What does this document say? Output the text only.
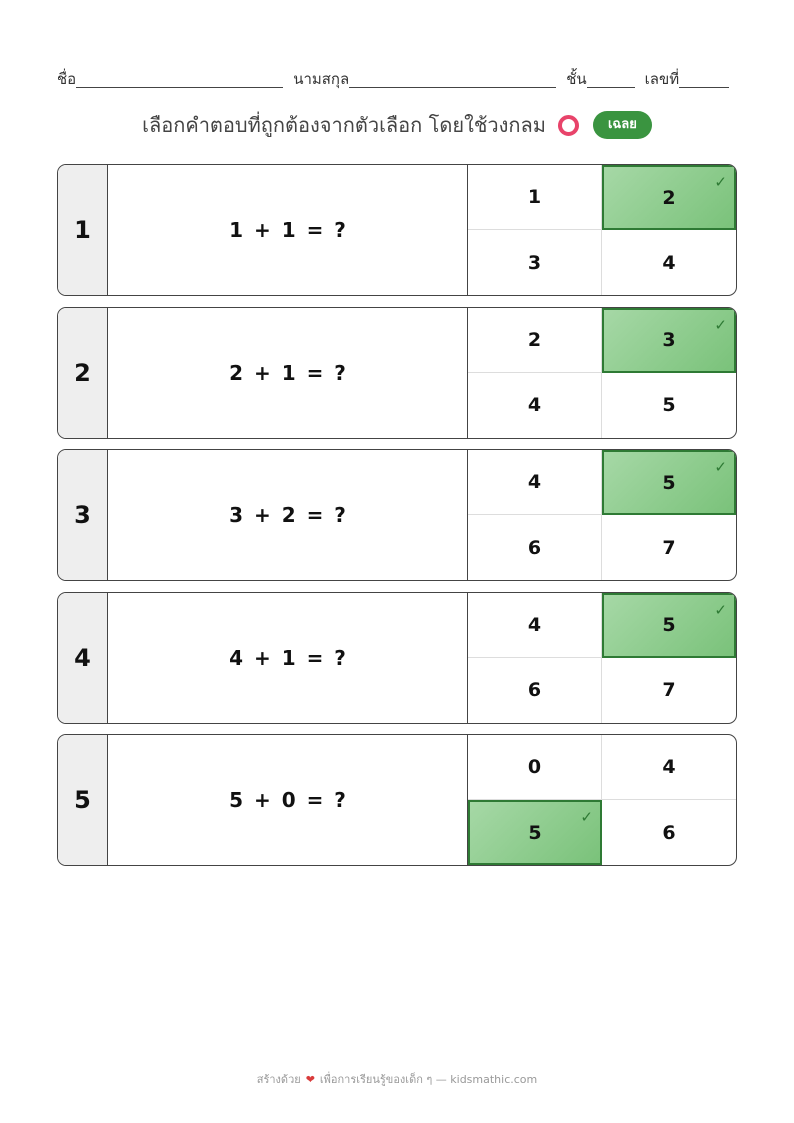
ชื่อ	นามสกุล	ชั้น	เลขที่
เลือกคำตอบที่ถูกต้องจากตัวเลือก โดยใช้วงกลม	เฉลย
1	1 + 1 = ?
1	2
✓
3	4
2	2 + 1 = ?
2	3
✓
4	5
3	3 + 2 = ?
4	5
✓
6	7
4	4 + 1 = ?
4	5
✓
6	7
5	5 + 0 = ?
0	4
5
✓
6
สร้างด้วย ❤ เพื่อการเรียนรู้ของเด็ก ๆ — kidsmathic.com
